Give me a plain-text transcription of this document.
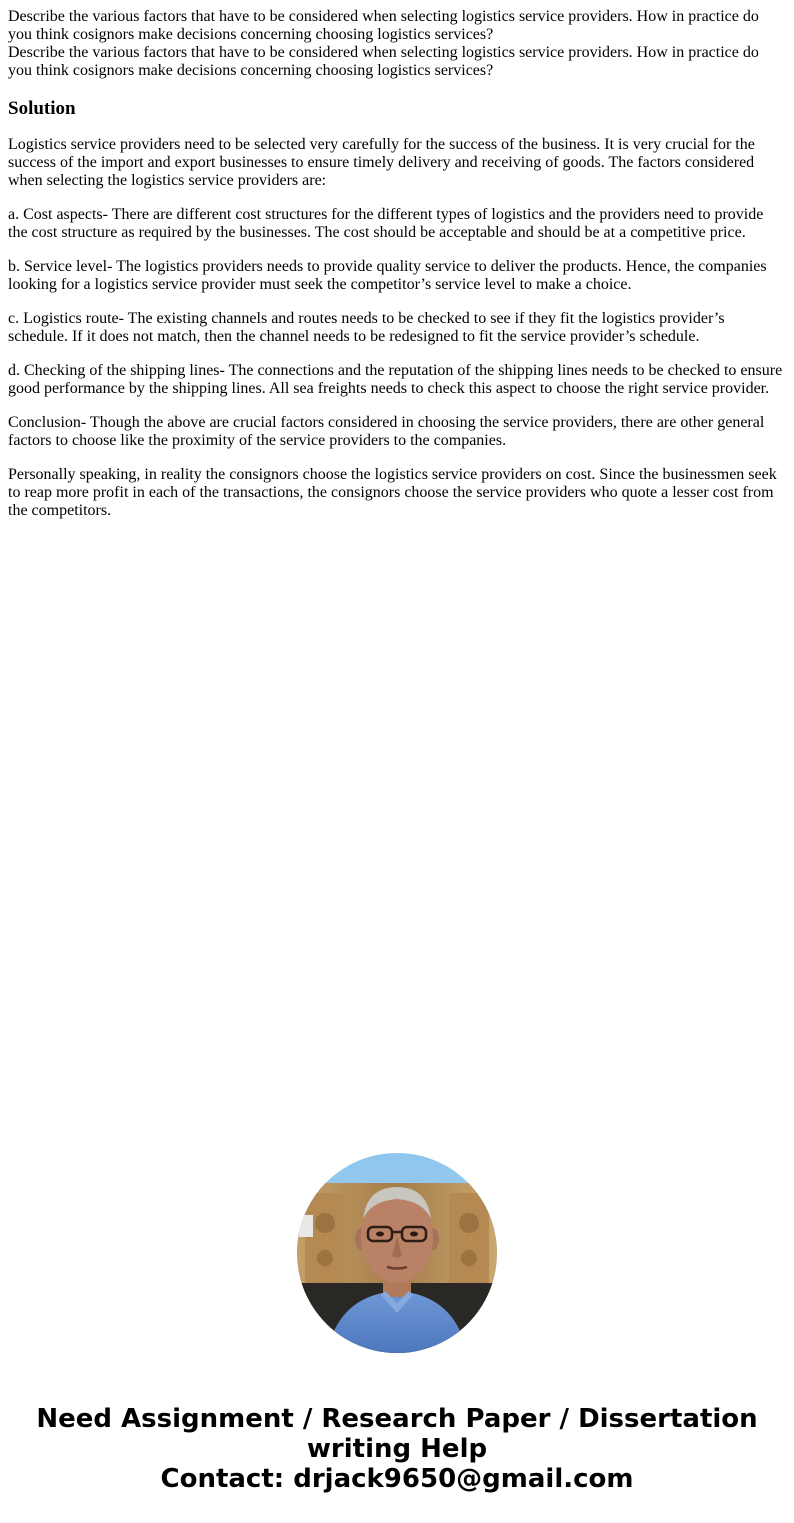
Describe the various factors that have to be considered when selecting logistics service providers. How in practice do you think cosignors make decisions concerning choosing logistics services?

Describe the various factors that have to be considered when selecting logistics service providers. How in practice do you think cosignors make decisions concerning choosing logistics services?

Solution

Logistics service providers need to be selected very carefully for the success of the business. It is very crucial for the success of the import and export businesses to ensure timely delivery and receiving of goods. The factors considered when selecting the logistics service providers are:

a. Cost aspects- There are different cost structures for the different types of logistics and the providers need to provide the cost structure as required by the businesses. The cost should be acceptable and should be at a competitive price.

b. Service level- The logistics providers needs to provide quality service to deliver the products. Hence, the companies looking for a logistics service provider must seek the competitor’s service level to make a choice.

c. Logistics route- The existing channels and routes needs to be checked to see if they fit the logistics provider’s schedule. If it does not match, then the channel needs to be redesigned to fit the service provider’s schedule.

d. Checking of the shipping lines- The connections and the reputation of the shipping lines needs to be checked to ensure good performance by the shipping lines. All sea freights needs to check this aspect to choose the right service provider.

Conclusion- Though the above are crucial factors considered in choosing the service providers, there are other general factors to choose like the proximity of the service providers to the companies.

Personally speaking, in reality the consignors choose the logistics service providers on cost. Since the businessmen seek to reap more profit in each of the transactions, the consignors choose the service providers who quote a lesser cost from the competitors.

Need Assignment / Research Paper / Dissertation
writing Help
Contact: drjack9650@gmail.com
